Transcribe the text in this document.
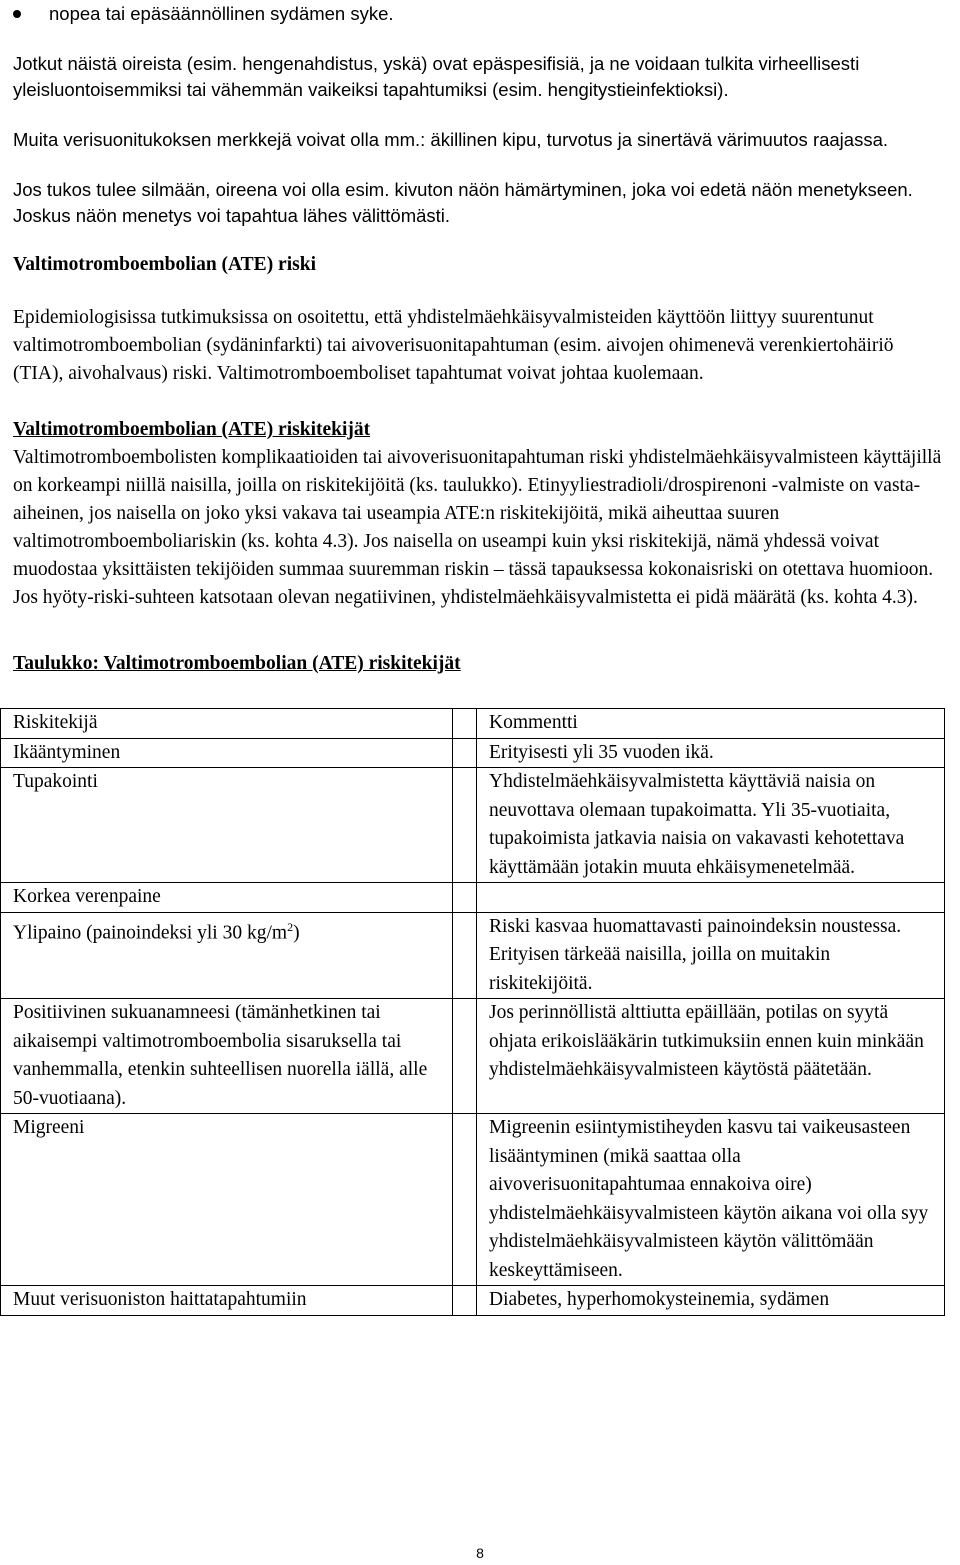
nopea tai epäsäännöllinen sydämen syke.

Jotkut näistä oireista (esim. hengenahdistus, yskä) ovat epäspesifisiä, ja ne voidaan tulkita virheellisesti yleisluontoisemmiksi tai vähemmän vaikeiksi tapahtumiksi (esim. hengitystieinfektioksi).

Muita verisuonitukoksen merkkejä voivat olla mm.: äkillinen kipu, turvotus ja sinertävä värimuutos raajassa.

Jos tukos tulee silmään, oireena voi olla esim. kivuton näön hämärtyminen, joka voi edetä näön menetykseen. Joskus näön menetys voi tapahtua lähes välittömästi.

Valtimotromboembolian (ATE) riski

Epidemiologisissa tutkimuksissa on osoitettu, että yhdistelmäehkäisyvalmisteiden käyttöön liittyy suurentunut valtimotromboembolian (sydäninfarkti) tai aivoverisuonitapahtuman (esim. aivojen ohimenevä verenkiertohäiriö (TIA), aivohalvaus) riski. Valtimotromboemboliset tapahtumat voivat johtaa kuolemaan.

Valtimotromboembolian (ATE) riskitekijät

Valtimotromboembolisten komplikaatioiden tai aivoverisuonitapahtuman riski yhdistelmäehkäisyvalmisteen käyttäjillä on korkeampi niillä naisilla, joilla on riskitekijöitä (ks. taulukko). Etinyyliestradioli/drospirenoni -valmiste on vasta-aiheinen, jos naisella on joko yksi vakava tai useampia ATE:n riskitekijöitä, mikä aiheuttaa suuren valtimotromboemboliariskin (ks. kohta 4.3). Jos naisella on useampi kuin yksi riskitekijä, nämä yhdessä voivat muodostaa yksittäisten tekijöiden summaa suuremman riskin – tässä tapauksessa kokonaisriski on otettava huomioon. Jos hyöty-riski-suhteen katsotaan olevan negatiivinen, yhdistelmäehkäisyvalmistetta ei pidä määrätä (ks. kohta 4.3).

Taulukko: Valtimotromboembolian (ATE) riskitekijät

Riskitekijä		Kommentti
Ikääntyminen		Erityisesti yli 35 vuoden ikä.
Tupakointi		Yhdistelmäehkäisyvalmistetta käyttäviä naisia on neuvottava olemaan tupakoimatta. Yli 35-vuotiaita, tupakoimista jatkavia naisia on vakavasti kehotettava käyttämään jotakin muuta ehkäisymenetelmää.
Korkea verenpaine		
Ylipaino (painoindeksi yli 30 $kg/m^2$)		Riski kasvaa huomattavasti painoindeksin noustessa.
Erityisen tärkeää naisilla, joilla on muitakin riskitekijöitä.

Positiivinen sukuanamneesi (tämänhetkinen tai aikaisempi valtimotromboembolia sisaruksella tai vanhemmalla, etenkin suhteellisen nuorella iällä, alle 50-vuotiaana).		Jos perinnöllistä alttiutta epäillään, potilas on syytä ohjata erikoislääkärin tutkimuksiin ennen kuin minkään yhdistelmäehkäisyvalmisteen käytöstä päätetään.
Migreeni		Migreenin esiintymistiheyden kasvu tai vaikeusasteen
lisääntyminen (mikä saattaa olla aivoverisuonitapahtumaa ennakoiva oire) yhdistelmäehkäisyvalmisteen käytön aikana voi olla syy yhdistelmäehkäisyvalmisteen käytön välittömään keskeyttämiseen.

Muut verisuoniston haittatapahtumiin		Diabetes, hyperhomokysteinemia, sydämen
8
